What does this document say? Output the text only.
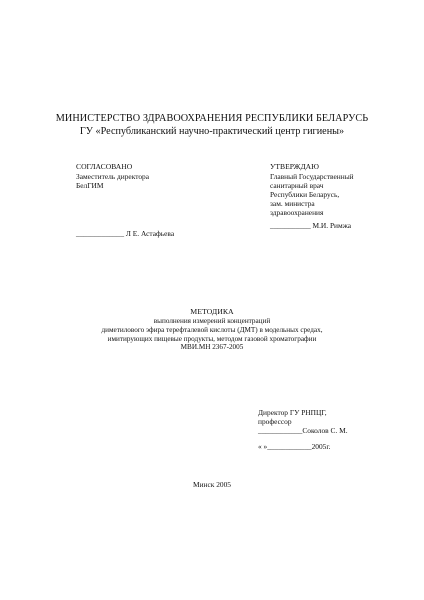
МИНИСТЕРСТВО ЗДРАВООХРАНЕНИЯ РЕСПУБЛИКИ БЕЛАРУСЬ
ГУ «Республиканский научно-практический центр гигиены»
СОГЛАСОВАНО
Заместитель директора
БелГИМ
_____________ Л Е. Астафьева
УТВЕРЖДАЮ
Главный Государственный
санитарный врач
Республики Беларусь,
зам. министра
здравоохранения
___________ М.И. Римжа
МЕТОДИКА
выполнения измерений концентраций
диметилового эфира терефталевой кислоты (ДМТ) в модельных средах,
имитирующих пищевые продукты, методом газовой хроматографии
МВИ.МН 2367-2005
Директор ГУ РНПЦГ,
профессор
____________Соколов С. М.
« »____________2005г.
Минск 2005
